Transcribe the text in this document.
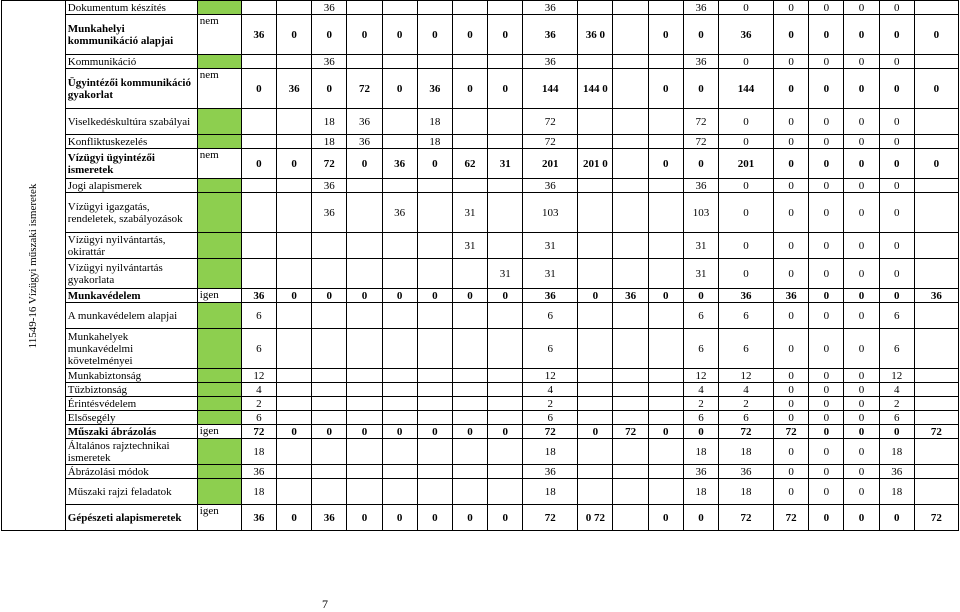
11549-16 Vízügyi műszaki ismeretek	Dokumentum készítés				36						36				36	0	0	0	0	0	
	Munkahelyi kommunikáció alapjai	nem	36	0	0	0	0	0	0	0	36	36 0		0	0	36	0	0	0	0	0
	Kommunikáció				36						36				36	0	0	0	0	0	
	Ügyintézői kommunikáció gyakorlat	nem	0	36	0	72	0	36	0	0	144	144 0		0	0	144	0	0	0	0	0
	Viselkedéskultúra szabályai				18	36		18			72				72	0	0	0	0	0	
	Konfliktuskezelés				18	36		18			72				72	0	0	0	0	0	
	Vízügyi ügyintézői ismeretek	nem	0	0	72	0	36	0	62	31	201	201 0		0	0	201	0	0	0	0	0
	Jogi alapismerek				36						36				36	0	0	0	0	0	
	Vízügyi igazgatás, rendeletek, szabályozások				36		36		31		103				103	0	0	0	0	0	
	Vízügyi nyilvántartás, okirattár								31		31				31	0	0	0	0	0	
	Vízügyi nyilvántartás gyakorlata									31	31				31	0	0	0	0	0	
	Munkavédelem	igen	36	0	0	0	0	0	0	0	36	0	36	0	0	36	36	0	0	0	36
	A munkavédelem alapjai		6								6				6	6	0	0	0	6	
	Munkahelyek munkavédelmi követelményei		6								6				6	6	0	0	0	6	
	Munkabiztonság		12								12				12	12	0	0	0	12	
	Tűzbiztonság		4								4				4	4	0	0	0	4	
	Érintésvédelem		2								2				2	2	0	0	0	2	
	Elsősegély		6								6				6	6	0	0	0	6	
	Műszaki ábrázolás	igen	72	0	0	0	0	0	0	0	72	0	72	0	0	72	72	0	0	0	72
	Általános rajztechnikai ismeretek		18								18				18	18	0	0	0	18	
	Ábrázolási módok		36								36				36	36	0	0	0	36	
	Műszaki rajzi feladatok		18								18				18	18	0	0	0	18	
	Gépészeti alapismeretek	igen	36	0	36	0	0	0	0	0	72	0 72		0	0	72	72	0	0	0	72
7
